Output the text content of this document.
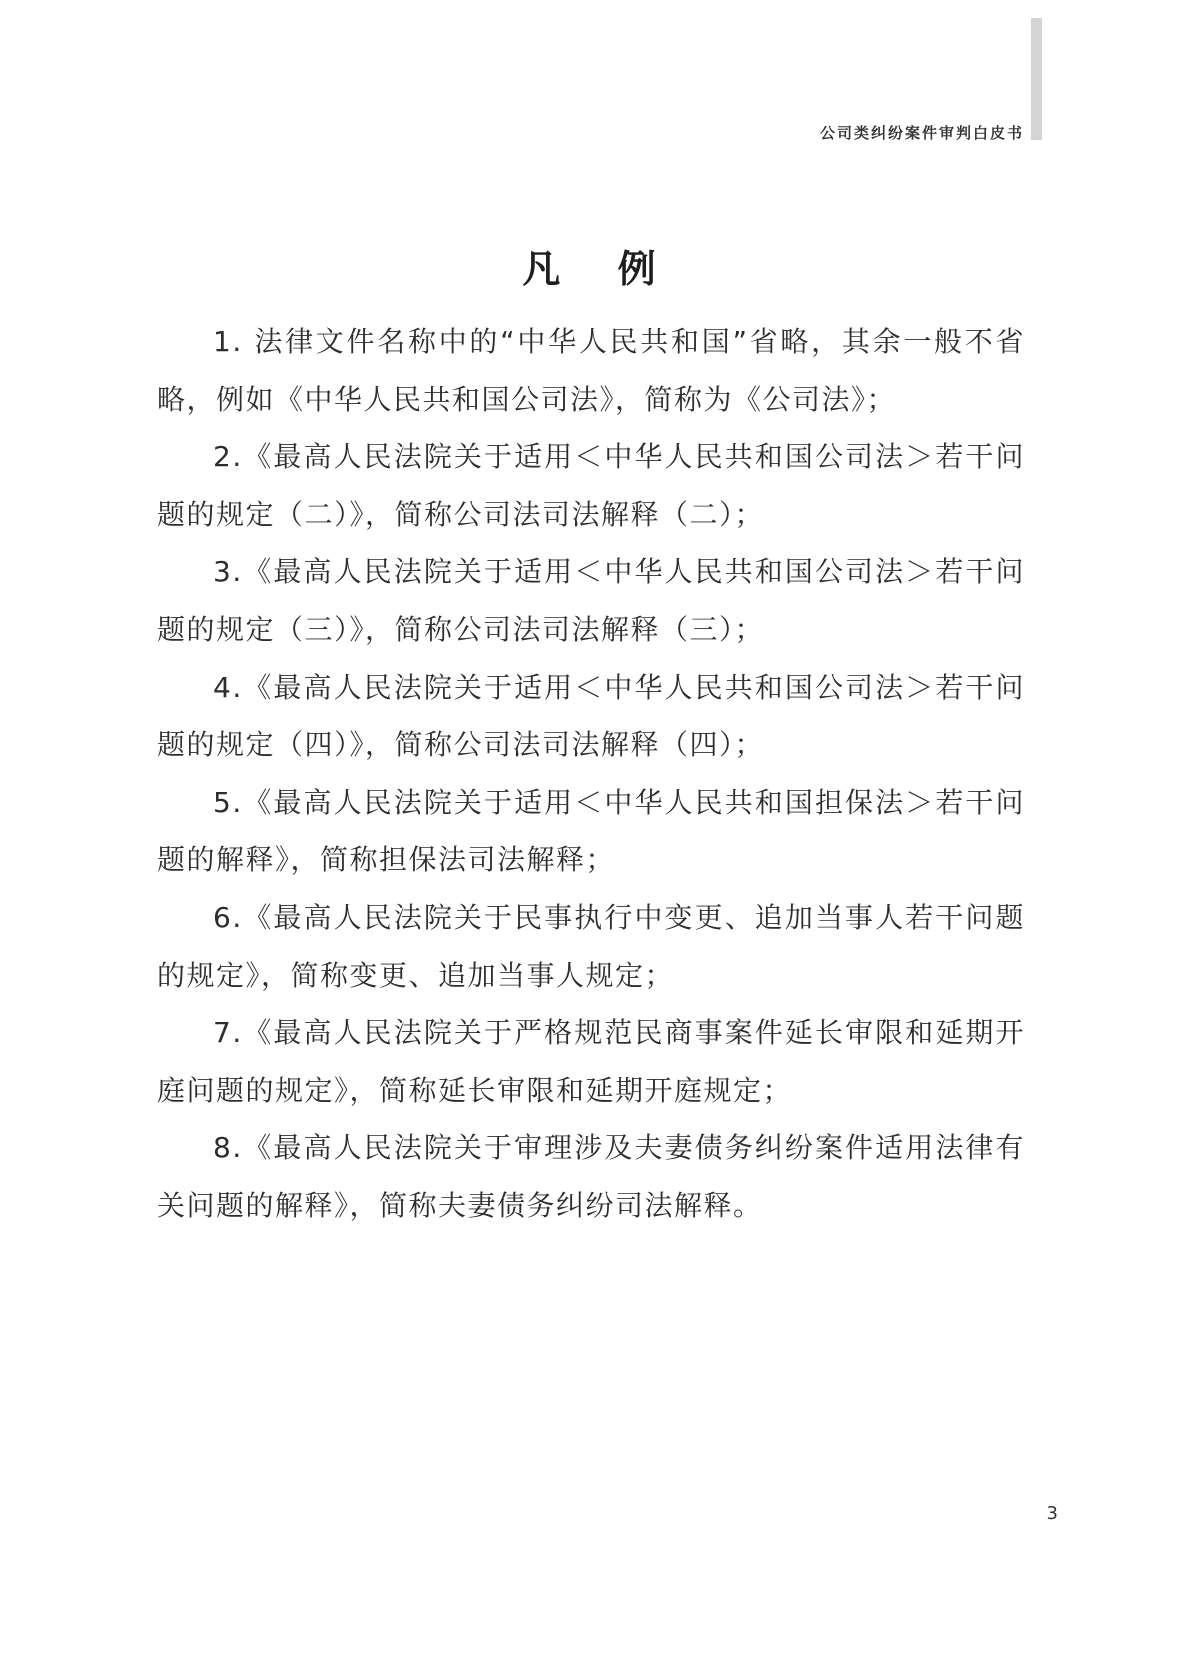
公司类纠纷案件审判白皮书
凡 例

1. 法律文件名称中的“中华人民共和国”省略，其余一般不省略，例如《中华人民共和国公司法》，简称为《公司法》；

2.《最高人民法院关于适用＜中华人民共和国公司法＞若干问题的规定（二）》，简称公司法司法解释（二）；

3.《最高人民法院关于适用＜中华人民共和国公司法＞若干问题的规定（三）》，简称公司法司法解释（三）；

4.《最高人民法院关于适用＜中华人民共和国公司法＞若干问题的规定（四）》，简称公司法司法解释（四）；

5.《最高人民法院关于适用＜中华人民共和国担保法＞若干问题的解释》，简称担保法司法解释；

6.《最高人民法院关于民事执行中变更、追加当事人若干问题的规定》，简称变更、追加当事人规定；

7.《最高人民法院关于严格规范民商事案件延长审限和延期开庭问题的规定》，简称延长审限和延期开庭规定；

8.《最高人民法院关于审理涉及夫妻债务纠纷案件适用法律有关问题的解释》，简称夫妻债务纠纷司法解释。

3
